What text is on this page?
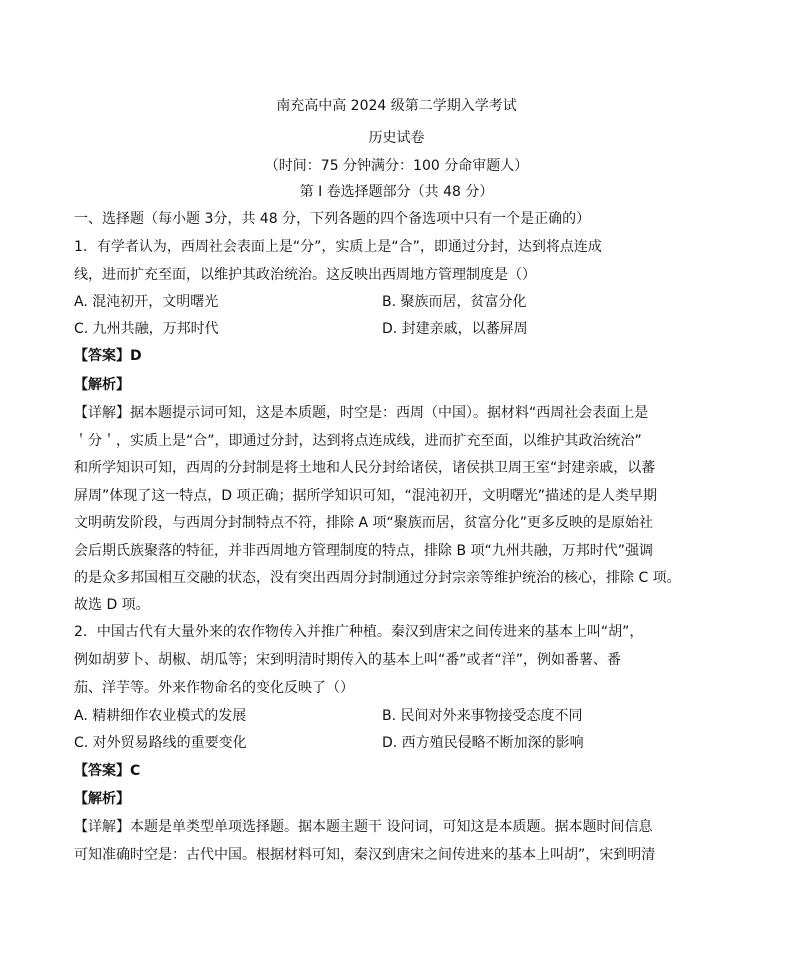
南充高中高 2024 级第二学期入学考试
历史试卷
（时间：75 分钟满分：100 分命审题人）
第 I 卷选择题部分（共 48 分）
一、选择题（每小题 3分，共 48 分，下列各题的四个备选项中只有一个是正确的）
1．有学者认为，西周社会表面上是“分”，实质上是“合”，即通过分封，达到将点连成
线，进而扩充至面，以维护其政治统治。这反映出西周地方管理制度是（）
A. 混沌初开，文明曙光	B. 聚族而居，贫富分化
C. 九州共融，万邦时代	D. 封建亲戚，以蕃屏周
【答案】D
【解析】
【详解】据本题提示词可知，这是本质题，时空是：西周（中国）。据材料“西周社会表面上是
＇分＇，实质上是“合”，即通过分封，达到将点连成线，进而扩充至面，以维护其政治统治”
和所学知识可知，西周的分封制是将土地和人民分封给诸侯，诸侯拱卫周王室“封建亲戚，以蕃
屏周”体现了这一特点，D 项正确；据所学知识可知，“混沌初开，文明曙光”描述的是人类早期
文明萌发阶段，与西周分封制特点不符，排除 A 项“聚族而居，贫富分化”更多反映的是原始社
会后期氏族聚落的特征，并非西周地方管理制度的特点，排除 B 项“九州共融，万邦时代”强调
的是众多邦国相互交融的状态，没有突出西周分封制通过分封宗亲等维护统治的核心，排除 C 项。
故选 D 项。
2．中国古代有大量外来的农作物传入并推广种植。秦汉到唐宋之间传进来的基本上叫“胡”，
例如胡萝卜、胡椒、胡瓜等；宋到明清时期传入的基本上叫“番”或者“洋”，例如番薯、番
茄、洋芋等。外来作物命名的变化反映了（）
A. 精耕细作农业模式的发展	B. 民间对外来事物接受态度不同
C. 对外贸易路线的重要变化	D. 西方殖民侵略不断加深的影响
【答案】C
【解析】
【详解】本题是单类型单项选择题。据本题主题干 设问词，可知这是本质题。据本题时间信息
可知准确时空是：古代中国。根据材料可知，秦汉到唐宋之间传进来的基本上叫胡”，宋到明清
